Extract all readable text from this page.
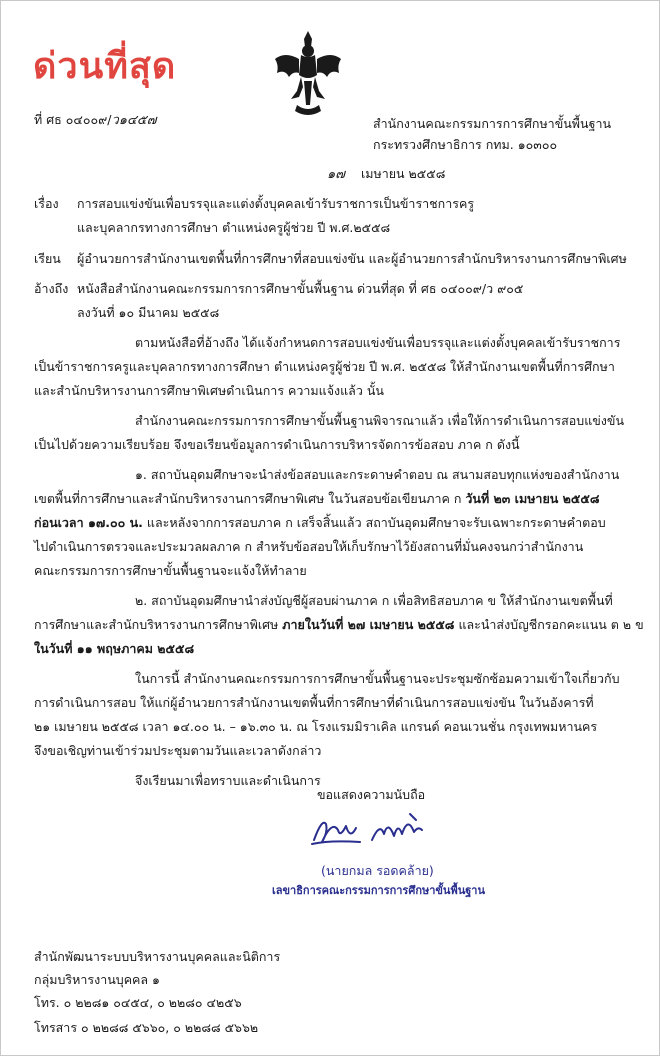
ด่วนที่สุด
ที่ ศธ ๐๔๐๐๙/ว๑๔๕๗	สำนักงานคณะกรรมการการศึกษาขั้นพื้นฐาน
กระทรวงศึกษาธิการ กทม. ๑๐๓๐๐
๑๗ เมษายน ๒๕๕๘
เรื่อง การสอบแข่งขันเพื่อบรรจุและแต่งตั้งบุคคลเข้ารับราชการเป็นข้าราชการครู
และบุคลากรทางการศึกษา ตำแหน่งครูผู้ช่วย ปี พ.ศ.๒๕๕๘
เรียน ผู้อำนวยการสำนักงานเขตพื้นที่การศึกษาที่สอบแข่งขัน และผู้อำนวยการสำนักบริหารงานการศึกษาพิเศษ
อ้างถึง หนังสือสำนักงานคณะกรรมการการศึกษาขั้นพื้นฐาน ด่วนที่สุด ที่ ศธ ๐๔๐๐๙/ว ๙๐๕
ลงวันที่ ๑๐ มีนาคม ๒๕๕๘
ตามหนังสือที่อ้างถึง ได้แจ้งกำหนดการสอบแข่งขันเพื่อบรรจุและแต่งตั้งบุคคลเข้ารับราชการ
เป็นข้าราชการครูและบุคลากรทางการศึกษา ตำแหน่งครูผู้ช่วย ปี พ.ศ. ๒๕๕๘ ให้สำนักงานเขตพื้นที่การศึกษา
และสำนักบริหารงานการศึกษาพิเศษดำเนินการ ความแจ้งแล้ว นั้น
สำนักงานคณะกรรมการการศึกษาขั้นพื้นฐานพิจารณาแล้ว เพื่อให้การดำเนินการสอบแข่งขัน
เป็นไปด้วยความเรียบร้อย จึงขอเรียนข้อมูลการดำเนินการบริหารจัดการข้อสอบ ภาค ก ดังนี้
๑. สถาบันอุดมศึกษาจะนำส่งข้อสอบและกระดาษคำตอบ ณ สนามสอบทุกแห่งของสำนักงาน
เขตพื้นที่การศึกษาและสำนักบริหารงานการศึกษาพิเศษ ในวันสอบข้อเขียนภาค ก วันที่ ๒๓ เมษายน ๒๕๕๘
ก่อนเวลา ๑๗.๐๐ น. และหลังจากการสอบภาค ก เสร็จสิ้นแล้ว สถาบันอุดมศึกษาจะรับเฉพาะกระดาษคำตอบ
ไปดำเนินการตรวจและประมวลผลภาค ก สำหรับข้อสอบให้เก็บรักษาไว้ยังสถานที่มั่นคงจนกว่าสำนักงาน
คณะกรรมการการศึกษาขั้นพื้นฐานจะแจ้งให้ทำลาย
๒. สถาบันอุดมศึกษานำส่งบัญชีผู้สอบผ่านภาค ก เพื่อสิทธิสอบภาค ข ให้สำนักงานเขตพื้นที่
การศึกษาและสำนักบริหารงานการศึกษาพิเศษ ภายในวันที่ ๒๗ เมษายน ๒๕๕๘ และนำส่งบัญชีกรอกคะแนน ต ๒ ข
ในวันที่ ๑๑ พฤษภาคม ๒๕๕๘
ในการนี้ สำนักงานคณะกรรมการการศึกษาขั้นพื้นฐานจะประชุมซักซ้อมความเข้าใจเกี่ยวกับ
การดำเนินการสอบ ให้แก่ผู้อำนวยการสำนักงานเขตพื้นที่การศึกษาที่ดำเนินการสอบแข่งขัน ในวันอังคารที่
๒๑ เมษายน ๒๕๕๘ เวลา ๑๔.๐๐ น. – ๑๖.๓๐ น. ณ โรงแรมมิราเคิล แกรนด์ คอนเวนชั่น กรุงเทพมหานคร
จึงขอเชิญท่านเข้าร่วมประชุมตามวันและเวลาดังกล่าว
จึงเรียนมาเพื่อทราบและดำเนินการ
ขอแสดงความนับถือ
(นายกมล รอดคล้าย)
เลขาธิการคณะกรรมการการศึกษาขั้นพื้นฐาน
สำนักพัฒนาระบบบริหารงานบุคคลและนิติการ
กลุ่มบริหารงานบุคคล ๑
โทร. ๐ ๒๒๘๑ ๐๔๕๔, ๐ ๒๒๘๐ ๔๒๕๖
โทรสาร ๐ ๒๒๘๘ ๕๖๖๐, ๐ ๒๒๘๘ ๕๖๖๒
